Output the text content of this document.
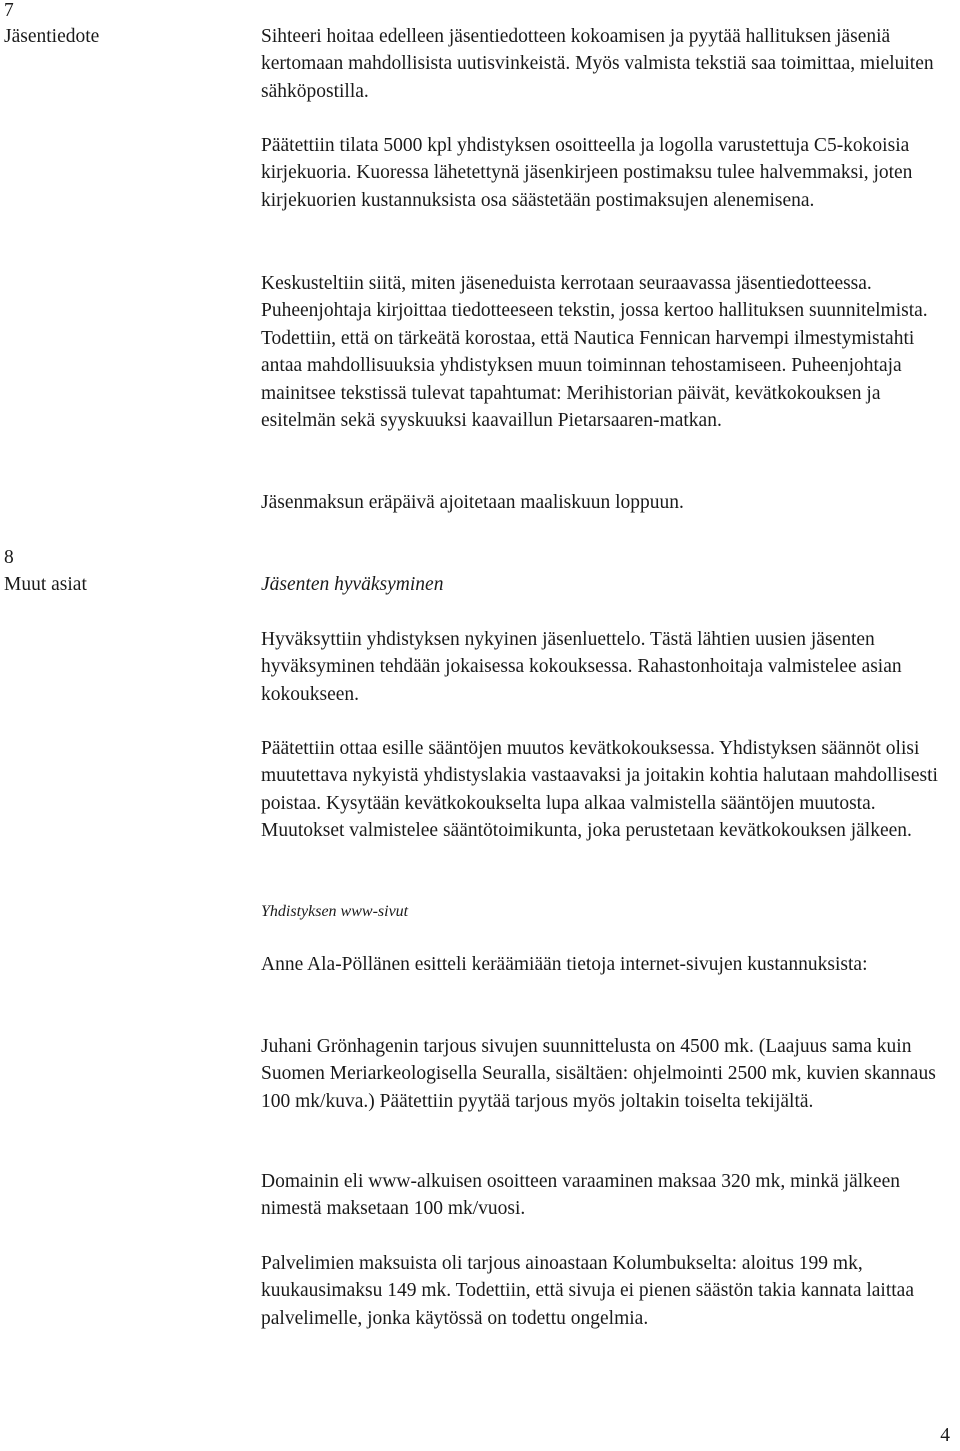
7
Jäsentiedote	Sihteeri hoitaa edelleen jäsentiedotteen kokoamisen ja pyytää hallituksen jäseniä kertomaan mahdollisista uutisvinkeistä. Myös valmista tekstiä saa toimittaa, mieluiten sähköpostilla.

Päätettiin tilata 5000 kpl yhdistyksen osoitteella ja logolla varustettuja C5-kokoisia kirjekuoria. Kuoressa lähetettynä jäsenkirjeen postimaksu tulee halvemmaksi, joten kirjekuorien kustannuksista osa säästetään postimaksujen alenemisena.

Keskusteltiin siitä, miten jäseneduista kerrotaan seuraavassa jäsentiedotteessa. Puheenjohtaja kirjoittaa tiedotteeseen tekstin, jossa kertoo hallituksen suunnitelmista. Todettiin, että on tärkeätä korostaa, että Nautica Fennican harvempi ilmestymistahti antaa mahdollisuuksia yhdistyksen muun toiminnan tehostamiseen. Puheenjohtaja mainitsee tekstissä tulevat tapahtumat: Merihistorian päivät, kevätkokouksen ja esitelmän sekä syyskuuksi kaavaillun Pietarsaaren-matkan.

Jäsenmaksun eräpäivä ajoitetaan maaliskuun loppuun.

8
Muut asiat	Jäsenten hyväksyminen

Hyväksyttiin yhdistyksen nykyinen jäsenluettelo. Tästä lähtien uusien jäsenten hyväksyminen tehdään jokaisessa kokouksessa. Rahastonhoitaja valmistelee asian kokoukseen.

Päätettiin ottaa esille sääntöjen muutos kevätkokouksessa. Yhdistyksen säännöt olisi muutettava nykyistä yhdistyslakia vastaavaksi ja joitakin kohtia halutaan mahdollisesti poistaa. Kysytään kevätkokoukselta lupa alkaa valmistella sääntöjen muutosta. Muutokset valmistelee sääntötoimikunta, joka perustetaan kevätkokouksen jälkeen.

Yhdistyksen www-sivut

Anne Ala-Pöllänen esitteli keräämiään tietoja internet-sivujen kustannuksista:

Juhani Grönhagenin tarjous sivujen suunnittelusta on 4500 mk. (Laajuus sama kuin Suomen Meriarkeologisella Seuralla, sisältäen: ohjelmointi 2500 mk, kuvien skannaus 100 mk/kuva.) Päätettiin pyytää tarjous myös joltakin toiselta tekijältä.

Domainin eli www-alkuisen osoitteen varaaminen maksaa 320 mk, minkä jälkeen nimestä maksetaan 100 mk/vuosi.

Palvelimien maksuista oli tarjous ainoastaan Kolumbukselta: aloitus 199 mk, kuukausimaksu 149 mk. Todettiin, että sivuja ei pienen säästön takia kannata laittaa palvelimelle, jonka käytössä on todettu ongelmia.

4
